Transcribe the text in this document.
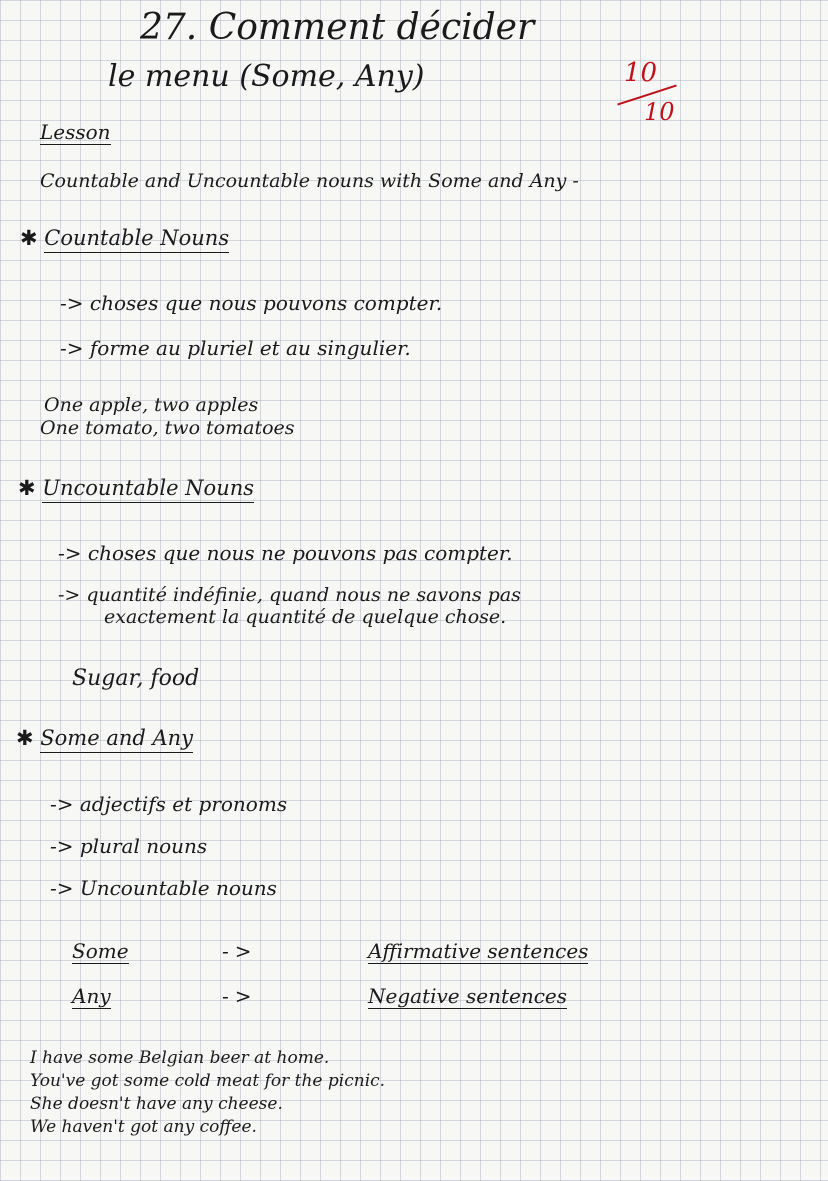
27. Comment décider
le menu (Some, Any)	10
10
Lesson
Countable and Uncountable nouns with Some and Any -
✱ Countable Nouns
-> choses que nous pouvons compter.
-> forme au pluriel et au singulier.
One apple, two apples
One tomato, two tomatoes
✱ Uncountable Nouns
-> choses que nous ne pouvons pas compter.
-> quantité indéfinie, quand nous ne savons pas
exactement la quantité de quelque chose.
Sugar, food
✱ Some and Any
-> adjectifs et pronoms
-> plural nouns
-> Uncountable nouns
Some	->	Affirmative sentences
Any	->	Negative sentences
I have some Belgian beer at home.
You've got some cold meat for the picnic.
She doesn't have any cheese.
We haven't got any coffee.
